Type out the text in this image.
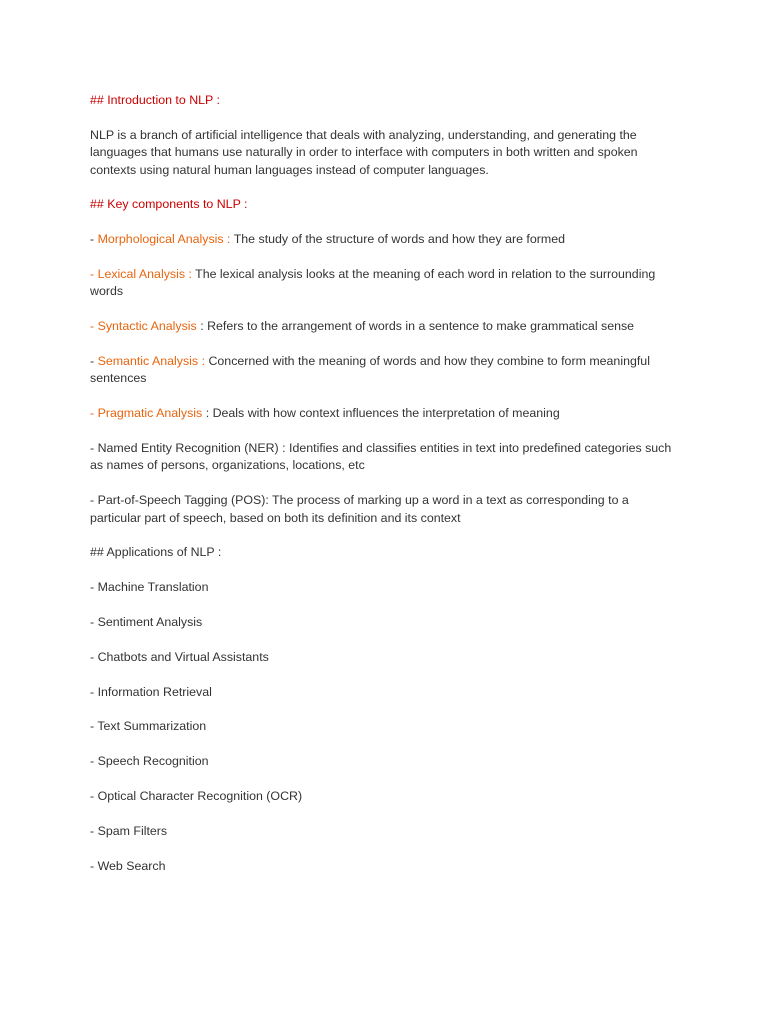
## Introduction to NLP :

NLP is a branch of artificial intelligence that deals with analyzing, understanding, and generating the languages that humans use naturally in order to interface with computers in both written and spoken contexts using natural human languages instead of computer languages.

## Key components to NLP :

- Morphological Analysis : The study of the structure of words and how they are formed

- Lexical Analysis : The lexical analysis looks at the meaning of each word in relation to the surrounding words

- Syntactic Analysis : Refers to the arrangement of words in a sentence to make grammatical sense

- Semantic Analysis : Concerned with the meaning of words and how they combine to form meaningful sentences

- Pragmatic Analysis : Deals with how context influences the interpretation of meaning

- Named Entity Recognition (NER) : Identifies and classifies entities in text into predefined categories such as names of persons, organizations, locations, etc

- Part-of-Speech Tagging (POS): The process of marking up a word in a text as corresponding to a particular part of speech, based on both its definition and its context

## Applications of NLP :

- Machine Translation

- Sentiment Analysis

- Chatbots and Virtual Assistants

- Information Retrieval

- Text Summarization

- Speech Recognition

- Optical Character Recognition (OCR)

- Spam Filters

- Web Search
